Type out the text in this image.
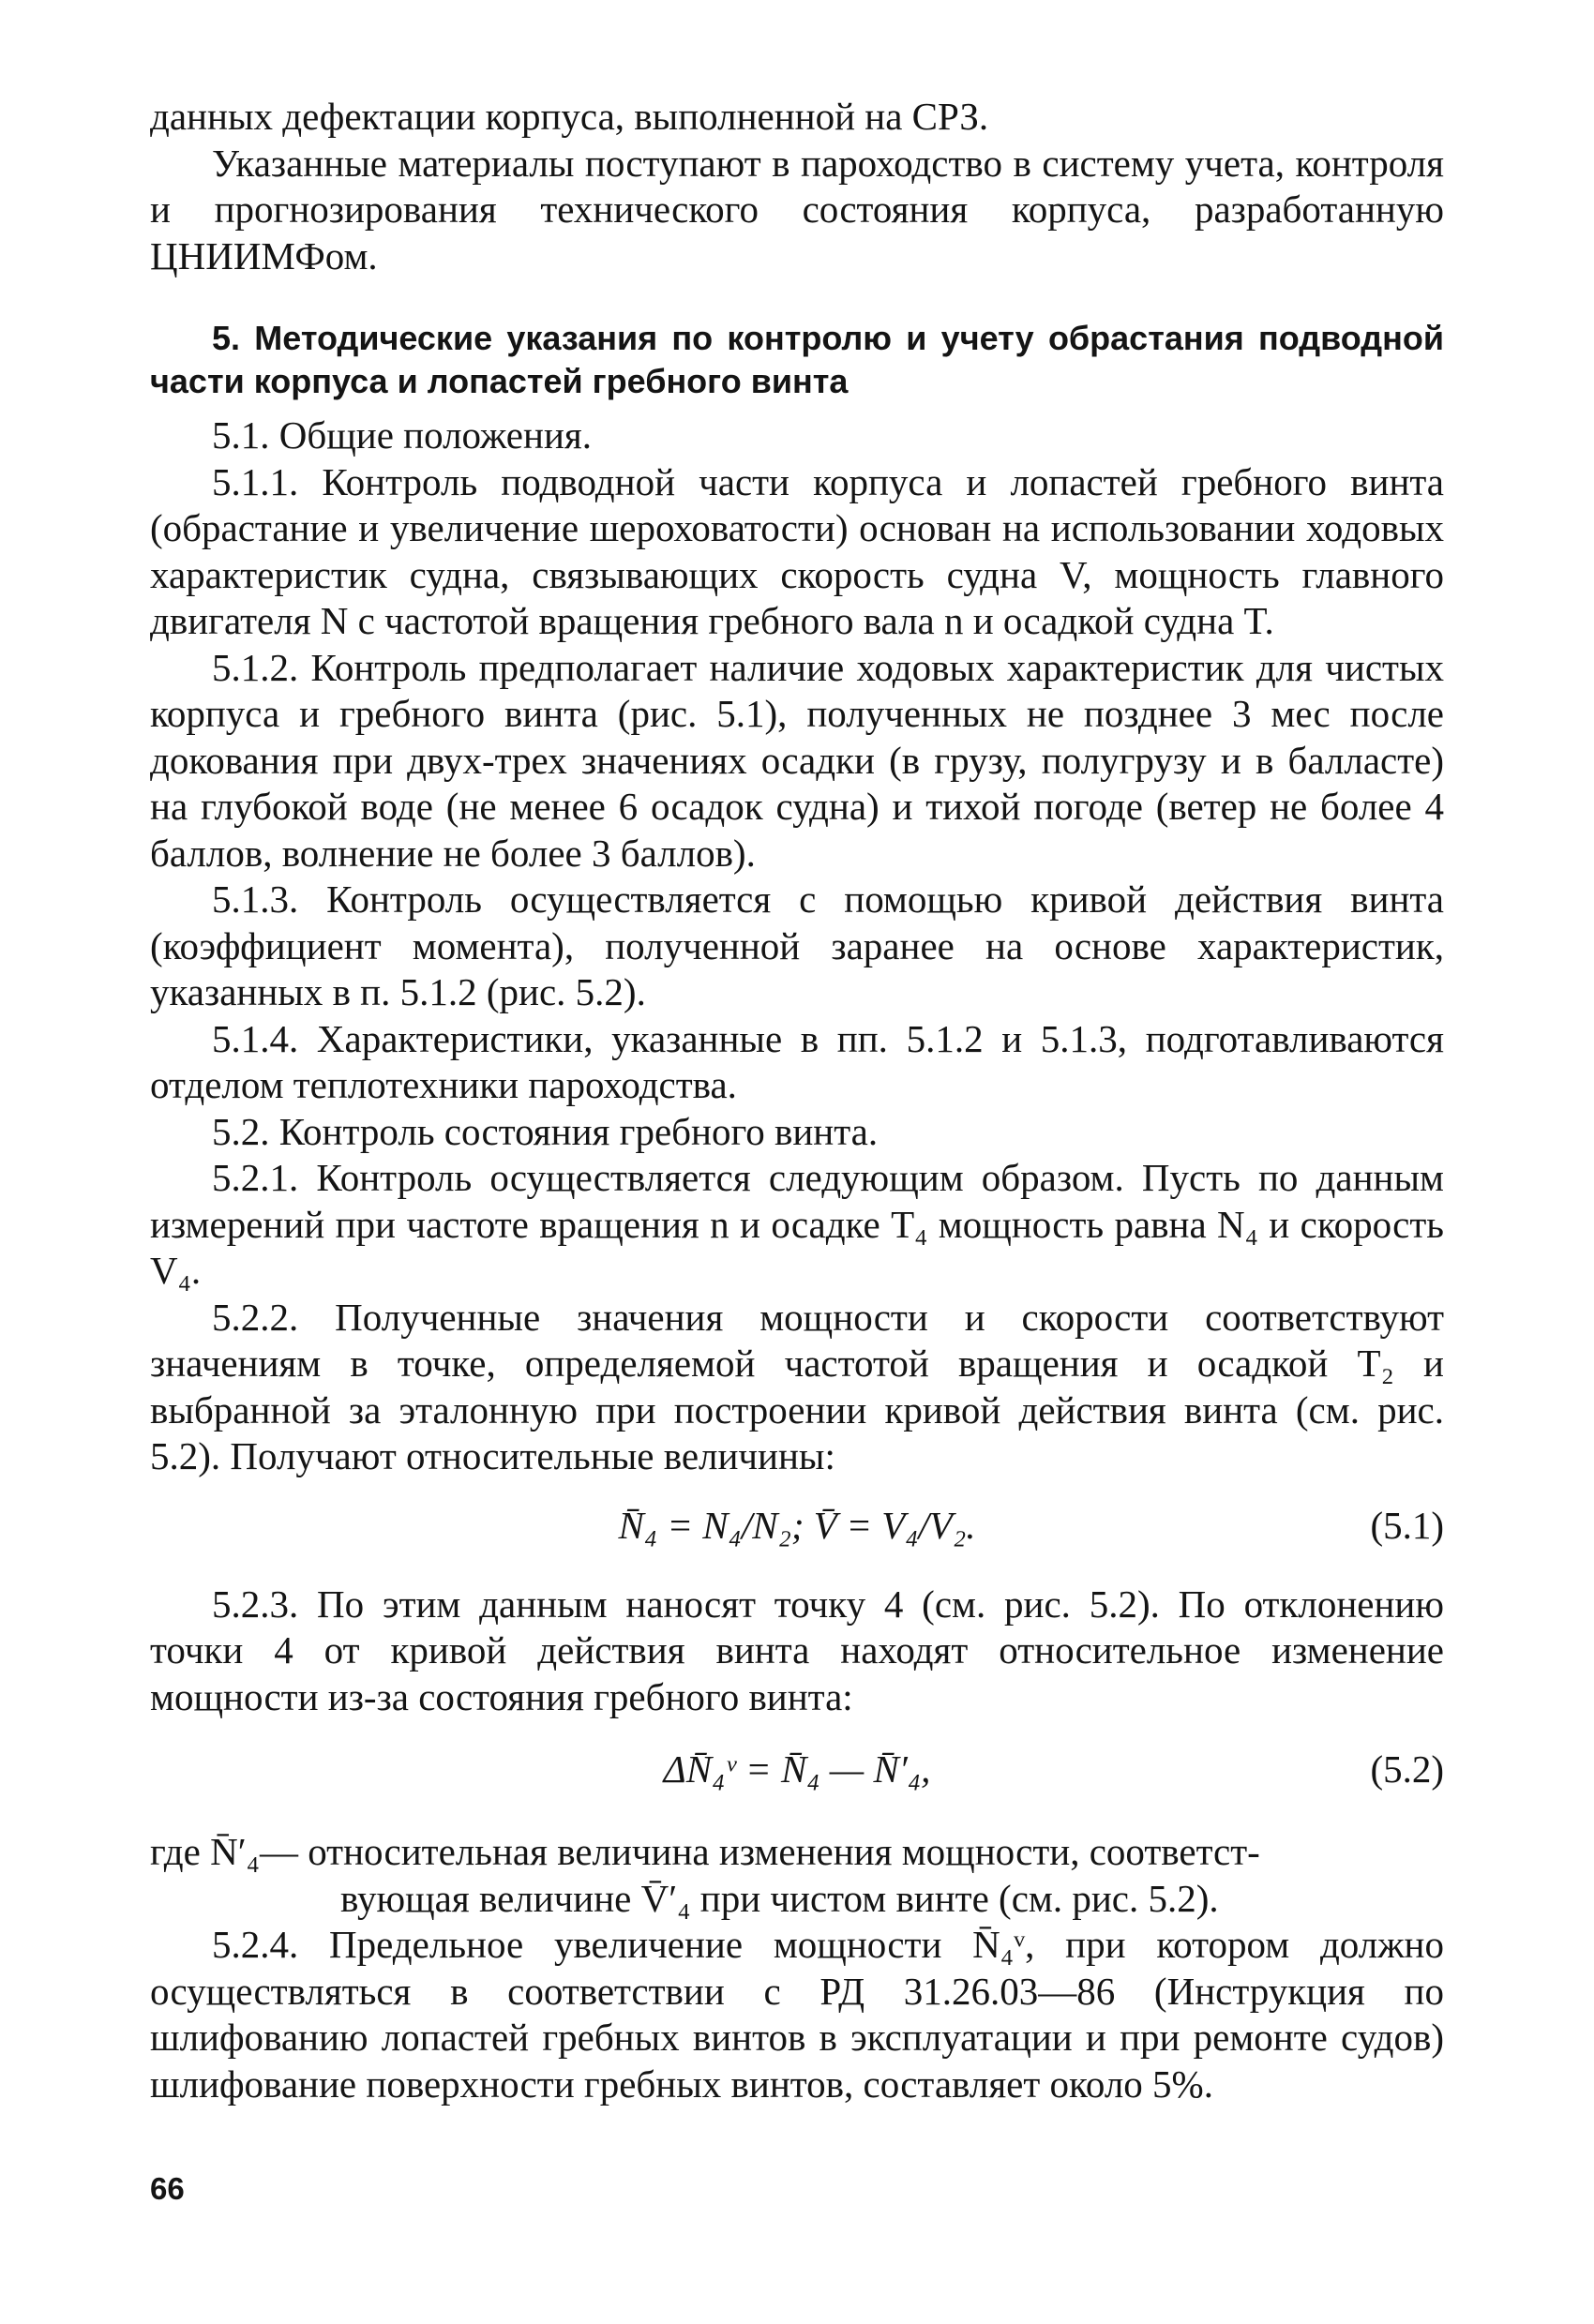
данных дефектации корпуса, выполненной на СРЗ.

Указанные материалы поступают в пароходство в систему учета, контроля и прогнозирования технического состояния корпуса, разработанную ЦНИИМФом.

5. Методические указания по контролю и учету обрастания подводной части корпуса и лопастей гребного винта

5.1. Общие положения.

5.1.1. Контроль подводной части корпуса и лопастей гребного винта (обрастание и увеличение шероховатости) основан на использовании ходовых характеристик судна, связывающих скорость судна V, мощность главного двигателя N с частотой вращения гребного вала n и осадкой судна T.

5.1.2. Контроль предполагает наличие ходовых характеристик для чистых корпуса и гребного винта (рис. 5.1), полученных не позднее 3 мес после докования при двух-трех значениях осадки (в грузу, полугрузу и в балласте) на глубокой воде (не менее 6 осадок судна) и тихой погоде (ветер не более 4 баллов, волнение не более 3 баллов).

5.1.3. Контроль осуществляется с помощью кривой действия винта (коэффициент момента), полученной заранее на основе характеристик, указанных в п. 5.1.2 (рис. 5.2).

5.1.4. Характеристики, указанные в пп. 5.1.2 и 5.1.3, подготавливаются отделом теплотехники пароходства.

5.2. Контроль состояния гребного винта.

5.2.1. Контроль осуществляется следующим образом. Пусть по данным измерений при частоте вращения n и осадке T₄ мощность равна N₄ и скорость V₄.

5.2.2. Полученные значения мощности и скорости соответствуют значениям в точке, определяемой частотой вращения и осадкой T₂ и выбранной за эталонную при построении кривой действия винта (см. рис. 5.2). Получают относительные величины:

N̄₄ = N₄/N₂; V̄ = V₄/V₂.	(5.1)

5.2.3. По этим данным наносят точку 4 (см. рис. 5.2). По отклонению точки 4 от кривой действия винта находят относительное изменение мощности из-за состояния гребного винта:

ΔN̄₄ᵛ = N̄₄ — N̄′₄,	(5.2)
где N̄′₄— относительная величина изменения мощности, соответст-
вующая величине V̄′₄ при чистом винте (см. рис. 5.2).

5.2.4. Предельное увеличение мощности N̄₄ᵛ, при котором должно осуществляться в соответствии с РД 31.26.03—86 (Инструкция по шлифованию лопастей гребных винтов в эксплуатации и при ремонте судов) шлифование поверхности гребных винтов, составляет около 5%.

66
